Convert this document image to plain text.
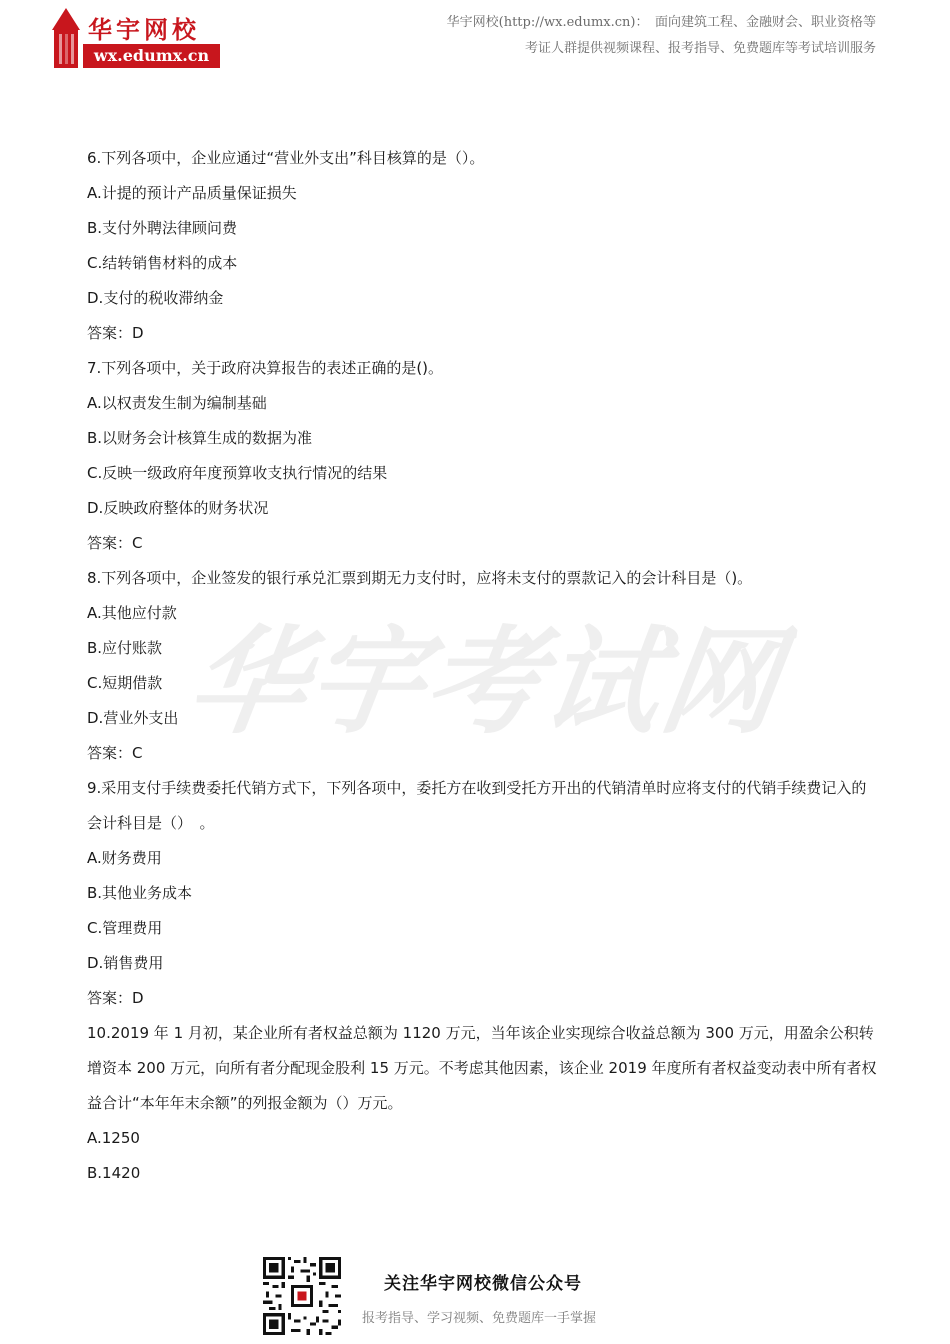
华宇网校
wx.edumx.cn
华宇网校(http://wx.edumx.cn)：　面向建筑工程、金融财会、职业资格等
考证人群提供视频课程、报考指导、免费题库等考试培训服务
华宇考试网

6.下列各项中，企业应通过“营业外支出”科目核算的是（）。

A.计提的预计产品质量保证损失

B.支付外聘法律顾问费

C.结转销售材料的成本

D.支付的税收滞纳金

答案：D

7.下列各项中，关于政府决算报告的表述正确的是()。

A.以权责发生制为编制基础

B.以财务会计核算生成的数据为准

C.反映一级政府年度预算收支执行情况的结果

D.反映政府整体的财务状况

答案：C

8.下列各项中，企业签发的银行承兑汇票到期无力支付时，应将未支付的票款记入的会计科目是（)。

A.其他应付款

B.应付账款

C.短期借款

D.营业外支出

答案：C

9.采用支付手续费委托代销方式下，下列各项中，委托方在收到受托方开出的代销清单时应将支付的代销手续费记入的会计科目是（）　。

A.财务费用

B.其他业务成本

C.管理费用

D.销售费用

答案：D

10.2019 年 1 月初，某企业所有者权益总额为 1120 万元，当年该企业实现综合收益总额为 300 万元，用盈余公积转增资本 200 万元，向所有者分配现金股利 15 万元。不考虑其他因素，该企业 2019 年度所有者权益变动表中所有者权益合计“本年年末余额”的列报金额为（）万元。

A.1250

B.1420

关注华宇网校微信公众号
报考指导、学习视频、免费题库一手掌握
